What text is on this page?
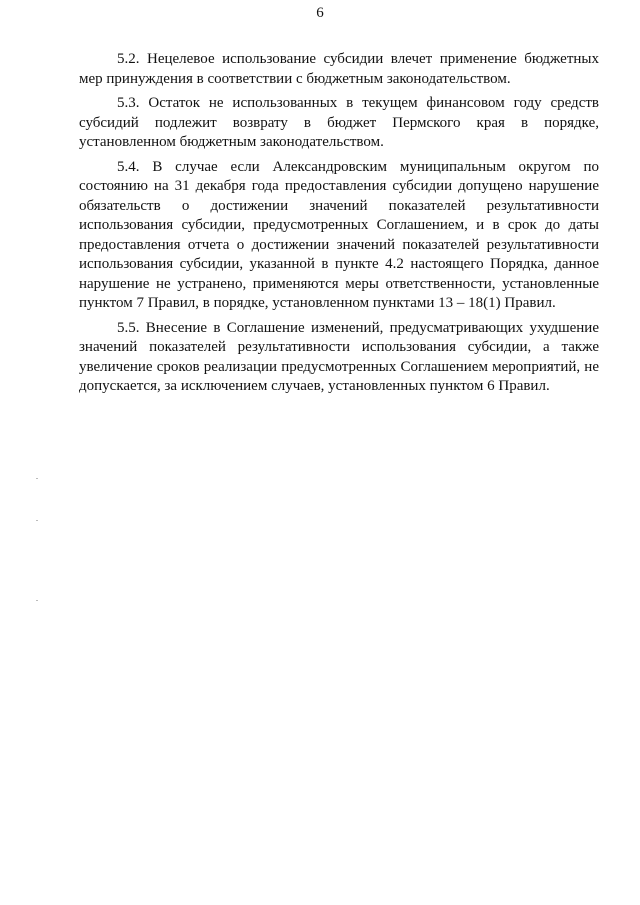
6

5.2. Нецелевое использование субсидии влечет применение бюджетных мер принуждения в соответствии с бюджетным законодательством.

5.3. Остаток не использованных в текущем финансовом году средств субсидий подлежит возврату в бюджет Пермского края в порядке, установленном бюджетным законодательством.

5.4. В случае если Александровским муниципальным округом по состоянию на 31 декабря года предоставления субсидии допущено нарушение обязательств о достижении значений показателей результативности использования субсидии, предусмотренных Соглашением, и в срок до даты предоставления отчета о достижении значений показателей результативности использования субсидии, указанной в пункте 4.2 настоящего Порядка, данное нарушение не устранено, применяются меры ответственности, установленные пунктом 7 Правил, в порядке, установленном пунктами 13 – 18(1) Правил.

5.5. Внесение в Соглашение изменений, предусматривающих ухудшение значений показателей результативности использования субсидии, а также увеличение сроков реализации предусмотренных Соглашением мероприятий, не допускается, за исключением случаев, установленных пунктом 6 Правил.
